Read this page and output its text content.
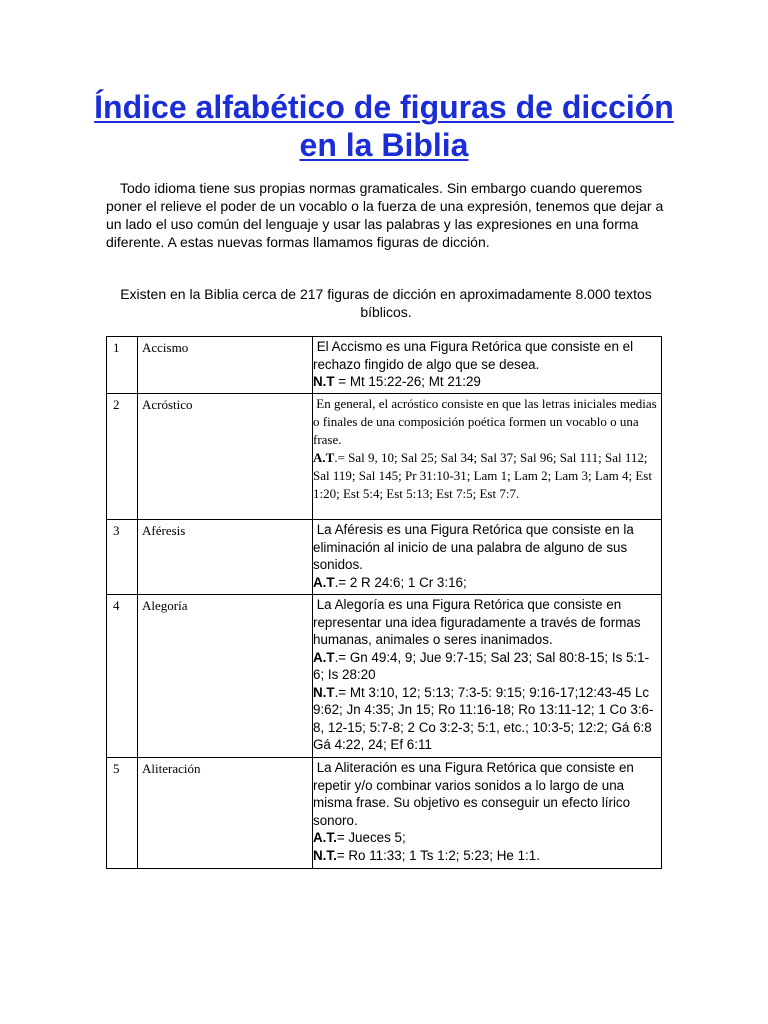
Índice alfabético de figuras de dicción en la Biblia
Todo idioma tiene sus propias normas gramaticales. Sin embargo cuando queremos poner el relieve el poder de un vocablo o la fuerza de una expresión, tenemos que dejar a un lado el uso común del lenguaje y usar las palabras y las expresiones en una forma diferente. A estas nuevas formas llamamos figuras de dicción.
Existen en la Biblia cerca de 217 figuras de dicción en aproximadamente 8.000 textos bíblicos.
1	Accismo	El Accismo es una Figura Retórica que consiste en el rechazo fingido de algo que se desea.
N.T = Mt 15:22-26; Mt 21:29

2	Acróstico	En general, el acróstico consiste en que las letras iniciales medias o finales de una composición poética formen un vocablo o una frase.
A.T.= Sal 9, 10; Sal 25; Sal 34; Sal 37; Sal 96; Sal 111; Sal 112; Sal 119; Sal 145; Pr 31:10-31; Lam 1; Lam 2; Lam 3; Lam 4; Est 1:20; Est 5:4; Est 5:13; Est 7:5; Est 7:7.

3	Aféresis	La Aféresis es una Figura Retórica que consiste en la eliminación al inicio de una palabra de alguno de sus sonidos.
A.T.= 2 R 24:6; 1 Cr 3:16;

4	Alegoría	La Alegoría es una Figura Retórica que consiste en representar una idea figuradamente a través de formas humanas, animales o seres inanimados.
A.T.= Gn 49:4, 9; Jue 9:7-15; Sal 23; Sal 80:8-15; Is 5:1-6; Is 28:20
N.T.= Mt 3:10, 12; 5:13; 7:3-5: 9:15; 9:16-17;12:43-45 Lc 9:62; Jn 4:35; Jn 15; Ro 11:16-18; Ro 13:11-12; 1 Co 3:6-8, 12-15; 5:7-8; 2 Co 3:2-3; 5:1, etc.; 10:3-5; 12:2; Gá 6:8 Gá 4:22, 24; Ef 6:11

5	Aliteración	La Aliteración es una Figura Retórica que consiste en repetir y/o combinar varios sonidos a lo largo de una misma frase. Su objetivo es conseguir un efecto lírico sonoro.
A.T.= Jueces 5;
N.T.= Ro 11:33; 1 Ts 1:2; 5:23; He 1:1.
